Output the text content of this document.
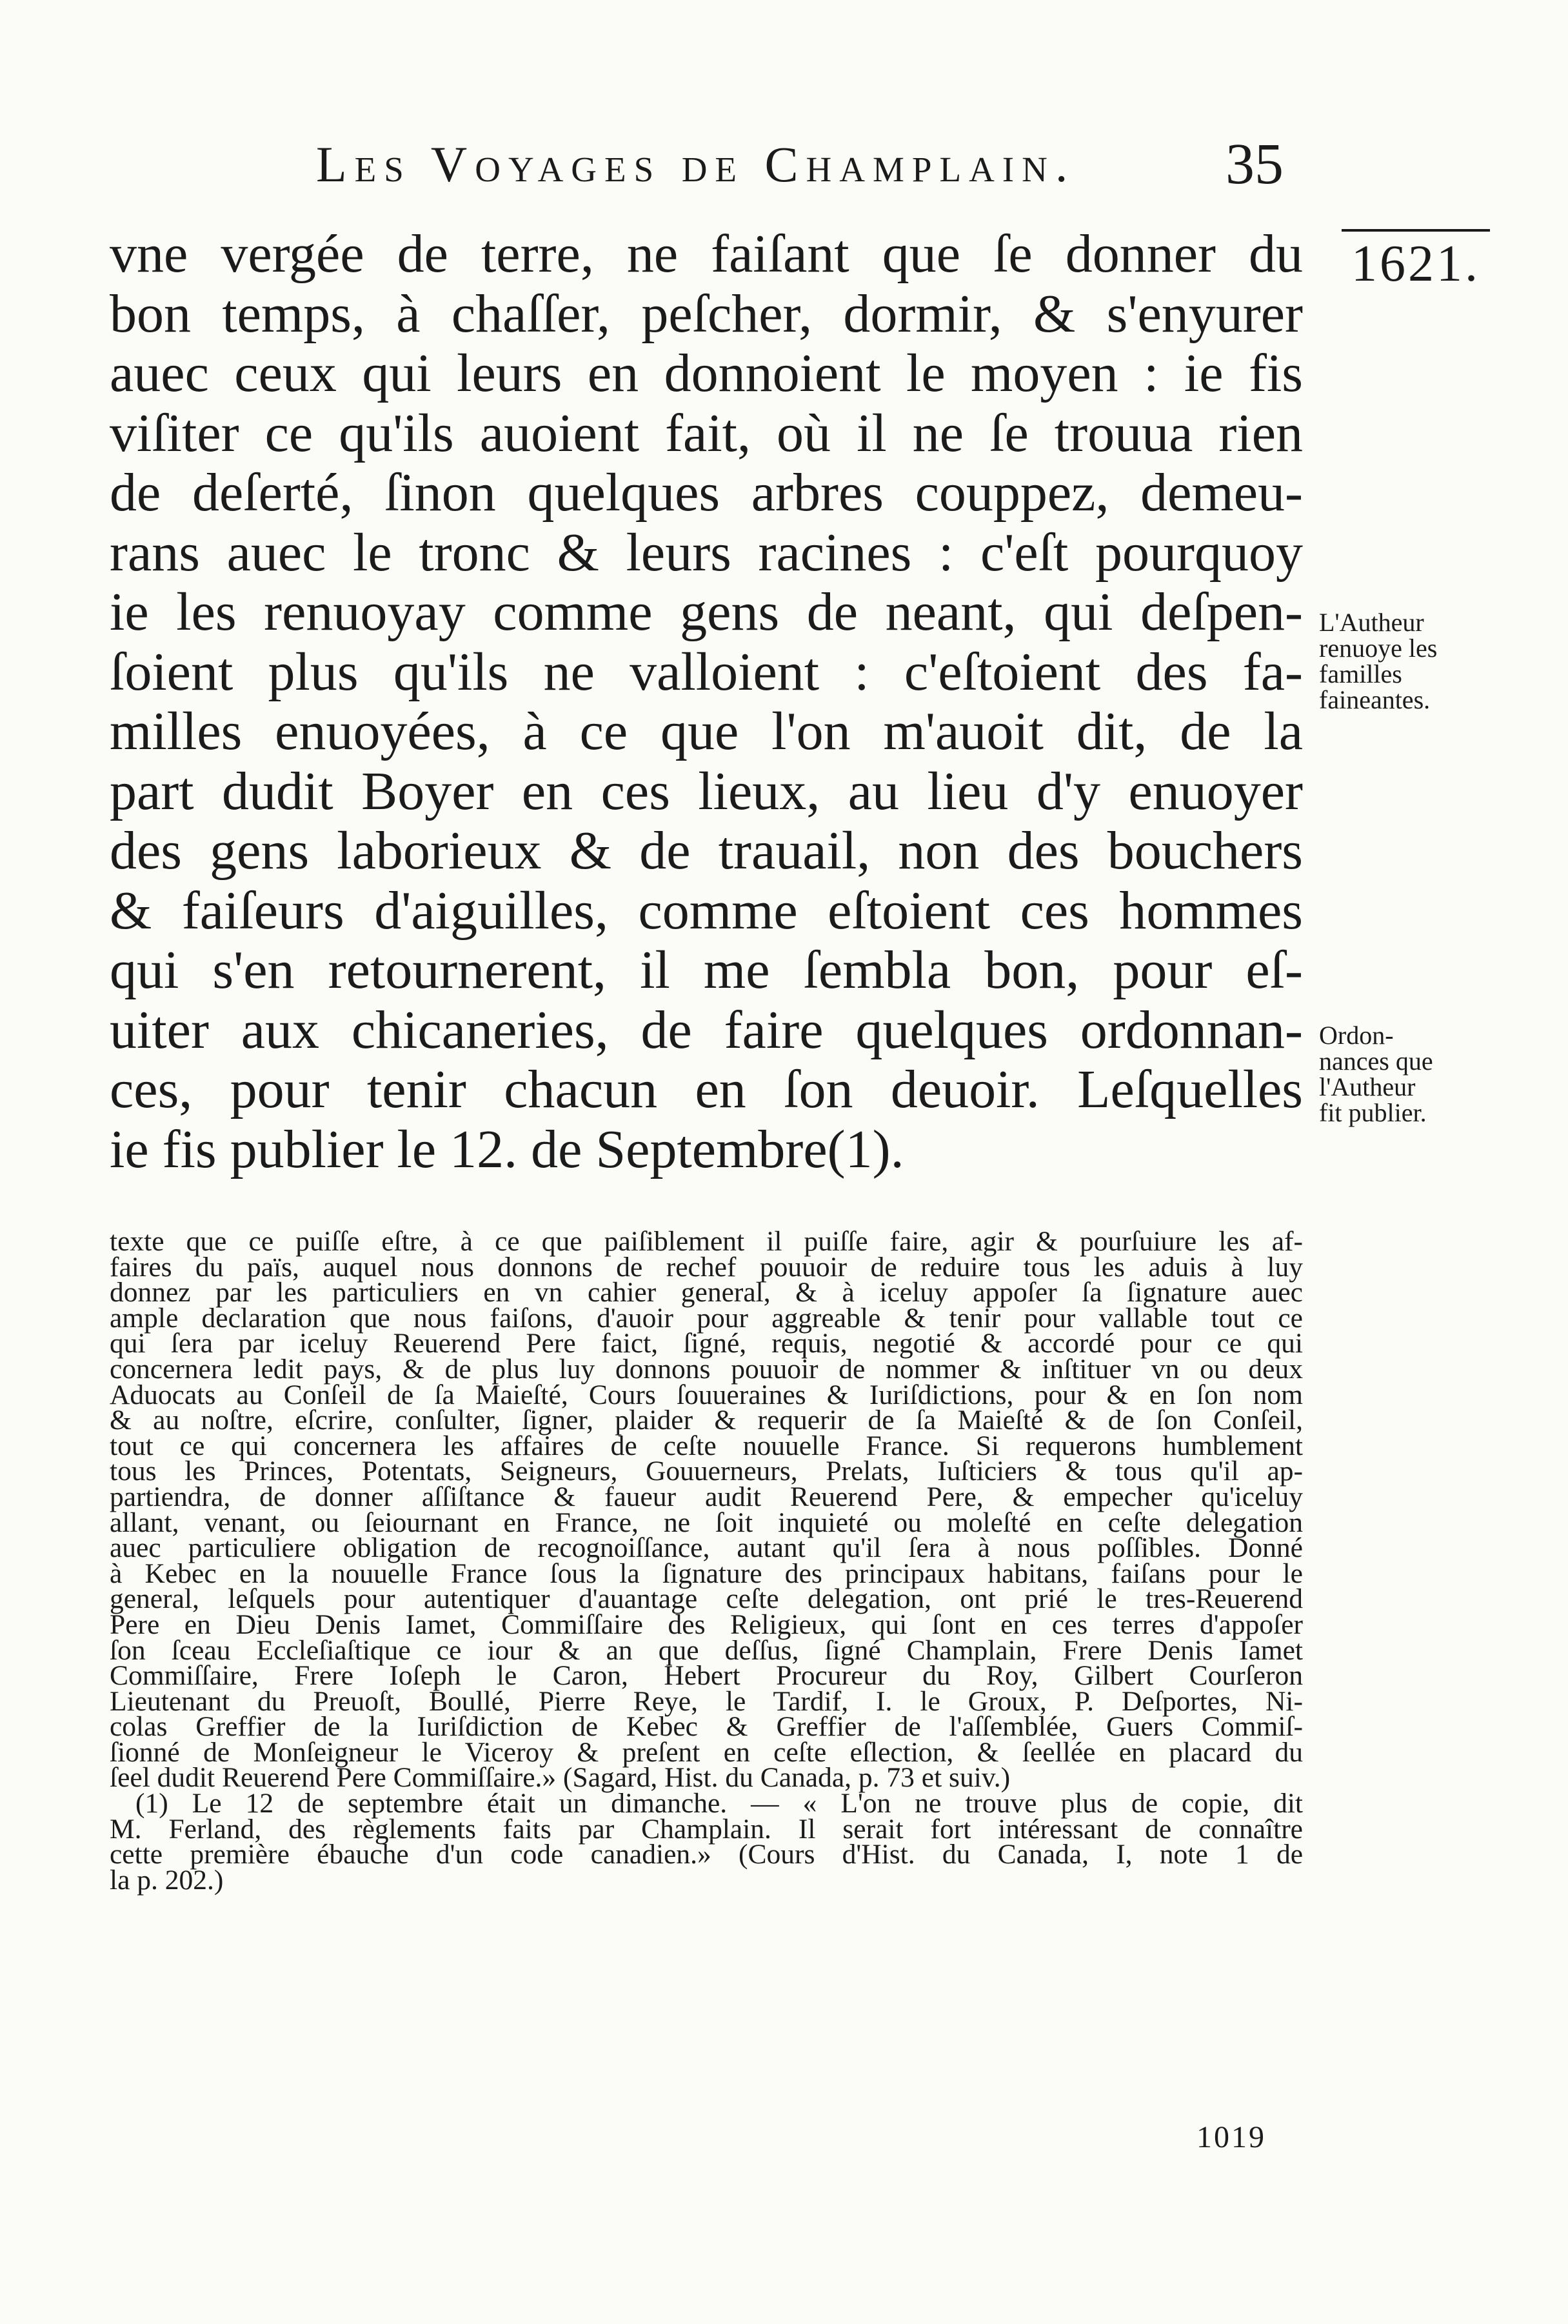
Les Voyages de Champlain.	35
1621.
vne vergée de terre, ne faiſant que ſe donner du
bon temps, à chaſſer, peſcher, dormir, & s'enyurer
auec ceux qui leurs en donnoient le moyen : ie fis
viſiter ce qu'ils auoient fait, où il ne ſe trouua rien
de deſerté, ſinon quelques arbres couppez, demeu-
rans auec le tronc & leurs racines : c'eſt pourquoy
ie les renuoyay comme gens de neant, qui deſpen-
ſoient plus qu'ils ne valloient : c'eſtoient des fa-
milles enuoyées, à ce que l'on m'auoit dit, de la
part dudit Boyer en ces lieux, au lieu d'y enuoyer
des gens laborieux & de trauail, non des bouchers
& faiſeurs d'aiguilles, comme eſtoient ces hommes
qui s'en retournerent, il me ſembla bon, pour eſ-
uiter aux chicaneries, de faire quelques ordonnan-
ces, pour tenir chacun en ſon deuoir. Leſquelles
ie fis publier le 12. de Septembre(1).
L'Autheur
renuoye les
familles
faineantes.
Ordon-
nances que
l'Autheur
fit publier.
texte que ce puiſſe eſtre, à ce que paiſiblement il puiſſe faire, agir & pourſuiure les af-
faires du païs, auquel nous donnons de rechef pouuoir de reduire tous les aduis à luy
donnez par les particuliers en vn cahier general, & à iceluy appoſer ſa ſignature auec
ample declaration que nous faiſons, d'auoir pour aggreable & tenir pour vallable tout ce
qui ſera par iceluy Reuerend Pere faict, ſigné, requis, negotié & accordé pour ce qui
concernera ledit pays, & de plus luy donnons pouuoir de nommer & inſtituer vn ou deux
Aduocats au Conſeil de ſa Maieſté, Cours ſouueraines & Iuriſdictions, pour & en ſon nom
& au noſtre, eſcrire, conſulter, ſigner, plaider & requerir de ſa Maieſté & de ſon Conſeil,
tout ce qui concernera les affaires de ceſte nouuelle France. Si requerons humblement
tous les Princes, Potentats, Seigneurs, Gouuerneurs, Prelats, Iuſticiers & tous qu'il ap-
partiendra, de donner aſſiſtance & faueur audit Reuerend Pere, & empecher qu'iceluy
allant, venant, ou ſeiournant en France, ne ſoit inquieté ou moleſté en ceſte delegation
auec particuliere obligation de recognoiſſance, autant qu'il ſera à nous poſſibles. Donné
à Kebec en la nouuelle France ſous la ſignature des principaux habitans, faiſans pour le
general, leſquels pour autentiquer d'auantage ceſte delegation, ont prié le tres-Reuerend
Pere en Dieu Denis Iamet, Commiſſaire des Religieux, qui ſont en ces terres d'appoſer
ſon ſceau Eccleſiaſtique ce iour & an que deſſus, ſigné Champlain, Frere Denis Iamet
Commiſſaire, Frere Ioſeph le Caron, Hebert Procureur du Roy, Gilbert Courſeron
Lieutenant du Preuoſt, Boullé, Pierre Reye, le Tardif, I. le Groux, P. Deſportes, Ni-
colas Greffier de la Iuriſdiction de Kebec & Greffier de l'aſſemblée, Guers Commiſ-
ſionné de Monſeigneur le Viceroy & preſent en ceſte eſlection, & ſeellée en placard du
ſeel dudit Reuerend Pere Commiſſaire.» (Sagard, Hist. du Canada, p. 73 et suiv.)
(1) Le 12 de septembre était un dimanche. — « L'on ne trouve plus de copie, dit
M. Ferland, des règlements faits par Champlain. Il serait fort intéressant de connaître
cette première ébauche d'un code canadien.» (Cours d'Hist. du Canada, I, note 1 de
la p. 202.)
1019
